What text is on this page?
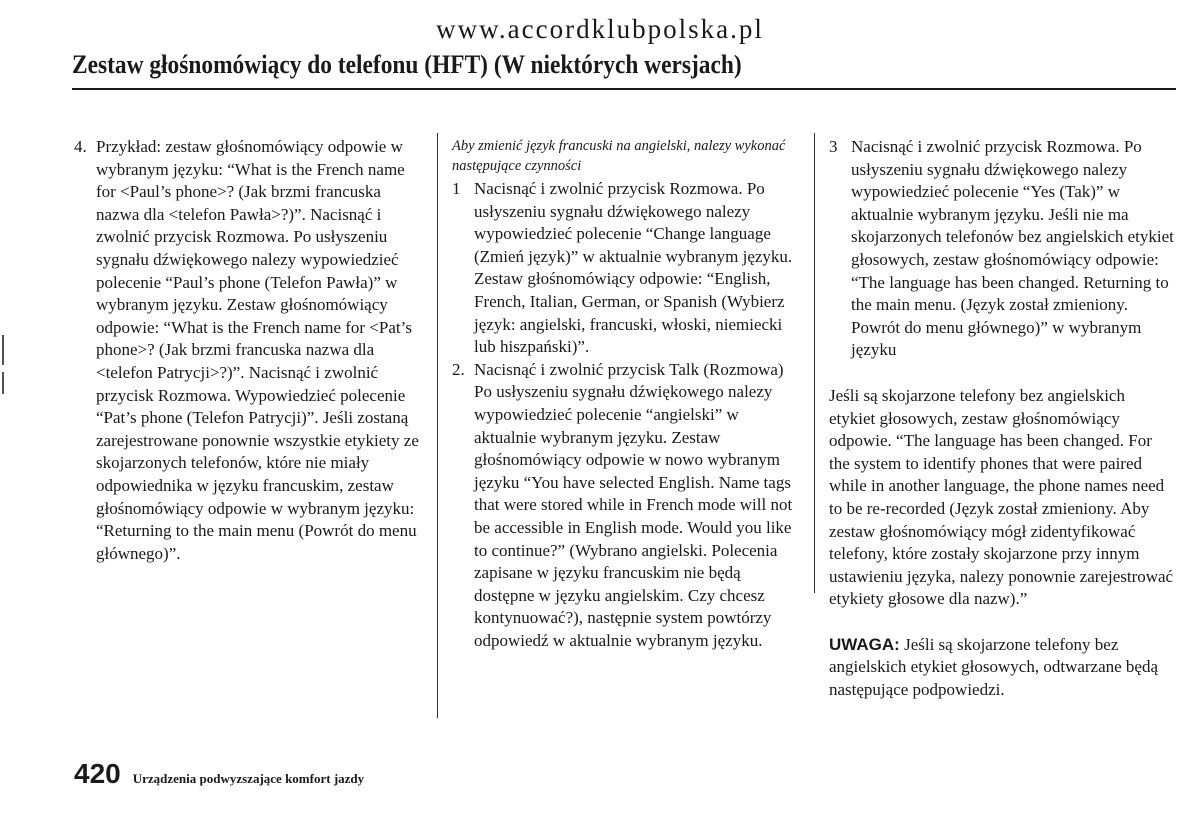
www.accordklubpolska.pl
Zestaw głośnomówiący do telefonu (HFT) (W niektórych wersjach)

4. Przykład: zestaw głośnomówiący odpowie w wybranym języku: “What is the French name for <Paul’s phone>? (Jak brzmi francuska nazwa dla <telefon Pawła>?)”. Nacisnąć i zwolnić przycisk Rozmowa. Po usłyszeniu sygnału dźwiękowego nalezy wypowiedzieć polecenie “Paul’s phone (Telefon Pawła)” w wybranym języku. Zestaw głośnomówiący odpowie: “What is the French name for <Pat’s phone>? (Jak brzmi francuska nazwa dla <telefon Patrycji>?)”. Nacisnąć i zwolnić przycisk Rozmowa. Wypowiedzieć polecenie “Pat’s phone (Telefon Patrycji)”. Jeśli zostaną zarejestrowane ponownie wszystkie etykiety ze skojarzonych telefonów, które nie miały odpowiednika w języku francuskim, zestaw głośnomówiący odpowie w wybranym języku: “Returning to the main menu (Powrót do menu głównego)”.

Aby zmienić język francuski na angielski, nalezy wykonać następujące czynności

1 Nacisnąć i zwolnić przycisk Rozmowa. Po usłyszeniu sygnału dźwiękowego nalezy wypowiedzieć polecenie “Change language (Zmień język)” w aktualnie wybranym języku. Zestaw głośnomówiący odpowie: “English, French, Italian, German, or Spanish (Wybierz język: angielski, francuski, włoski, niemiecki lub hiszpański)”.

2. Nacisnąć i zwolnić przycisk Talk (Rozmowa) Po usłyszeniu sygnału dźwiękowego nalezy wypowiedzieć polecenie “angielski” w aktualnie wybranym języku. Zestaw głośnomówiący odpowie w nowo wybranym języku “You have selected English. Name tags that were stored while in French mode will not be accessible in English mode. Would you like to continue?” (Wybrano angielski. Polecenia zapisane w języku francuskim nie będą dostępne w języku angielskim. Czy chcesz kontynuować?), następnie system powtórzy odpowiedź w aktualnie wybranym języku.

3 Nacisnąć i zwolnić przycisk Rozmowa. Po usłyszeniu sygnału dźwiękowego nalezy wypowiedzieć polecenie “Yes (Tak)” w aktualnie wybranym języku. Jeśli nie ma skojarzonych telefonów bez angielskich etykiet głosowych, zestaw głośnomówiący odpowie: “The language has been changed. Returning to the main menu. (Język został zmieniony. Powrót do menu głównego)” w wybranym języku

Jeśli są skojarzone telefony bez angielskich etykiet głosowych, zestaw głośnomówiący odpowie. “The language has been changed. For the system to identify phones that were paired while in another language, the phone names need to be re-recorded (Język został zmieniony. Aby zestaw głośnomówiący mógł zidentyfikować telefony, które zostały skojarzone przy innym ustawieniu języka, nalezy ponownie zarejestrować etykiety głosowe dla nazw).”

UWAGA: Jeśli są skojarzone telefony bez angielskich etykiet głosowych, odtwarzane będą następujące podpowiedzi.

420 Urządzenia podwyzszające komfort jazdy
